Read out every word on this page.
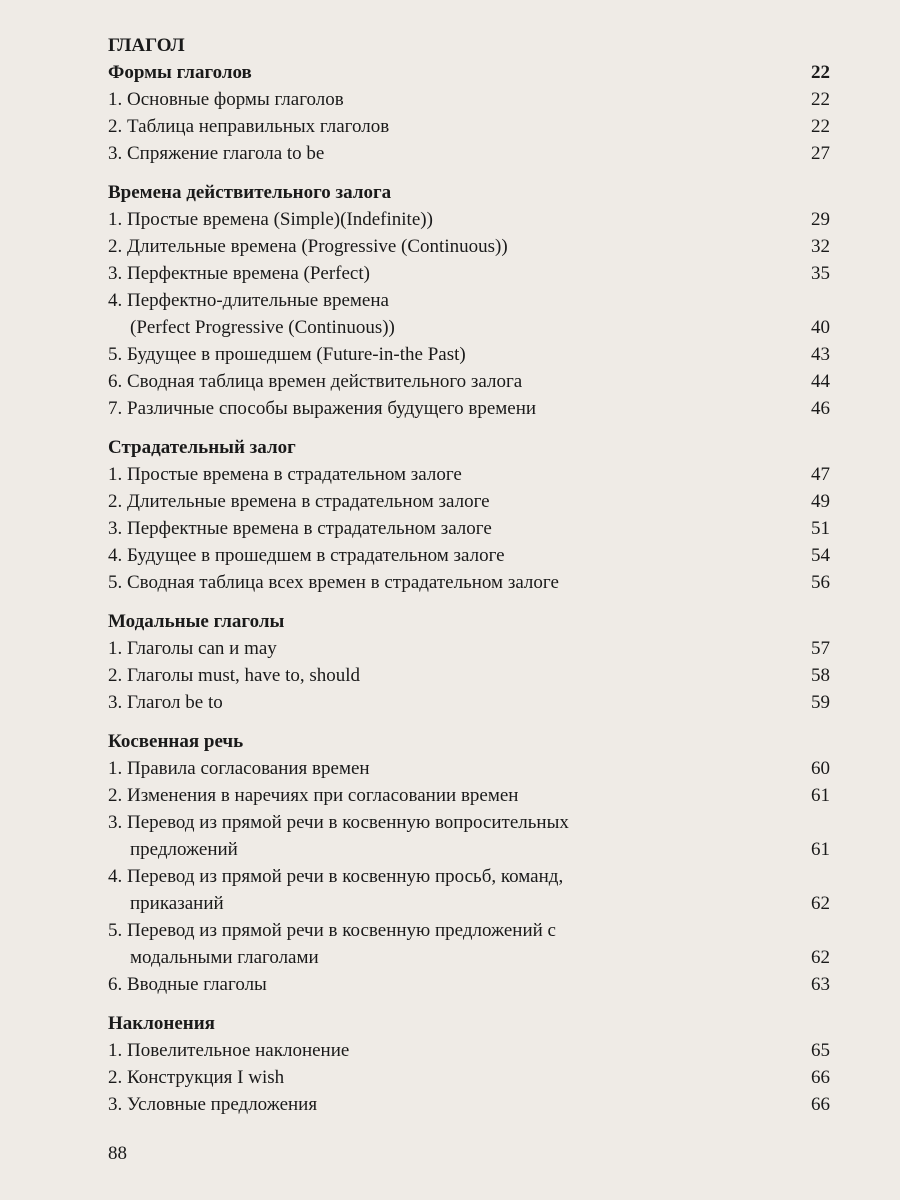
ГЛАГОЛ
Формы глаголов	22
1. Основные формы глаголов	22
2. Таблица неправильных глаголов	22
3. Спряжение глагола to be	27
Времена действительного залога
1. Простые времена (Simple)(Indefinite))	29
2. Длительные времена (Progressive (Continuous))	32
3. Перфектные времена (Perfect)	35
4. Перфектно-длительные времена
(Perfect Progressive (Continuous))	40
5. Будущее в прошедшем (Future-in-the Past)	43
6. Сводная таблица времен действительного залога	44
7. Различные способы выражения будущего времени	46
Страдательный залог
1. Простые времена в страдательном залоге	47
2. Длительные времена в страдательном залоге	49
3. Перфектные времена в страдательном залоге	51
4. Будущее в прошедшем в страдательном залоге	54
5. Сводная таблица всех времен в страдательном залоге	56
Модальные глаголы
1. Глаголы can и may	57
2. Глаголы must, have to, should	58
3. Глагол be to	59
Косвенная речь
1. Правила согласования времен	60
2. Изменения в наречиях при согласовании времен	61
3. Перевод из прямой речи в косвенную вопросительных
предложений	61
4. Перевод из прямой речи в косвенную просьб, команд,
приказаний	62
5. Перевод из прямой речи в косвенную предложений с
модальными глаголами	62
6. Вводные глаголы	63
Наклонения
1. Повелительное наклонение	65
2. Конструкция I wish	66
3. Условные предложения	66
88
